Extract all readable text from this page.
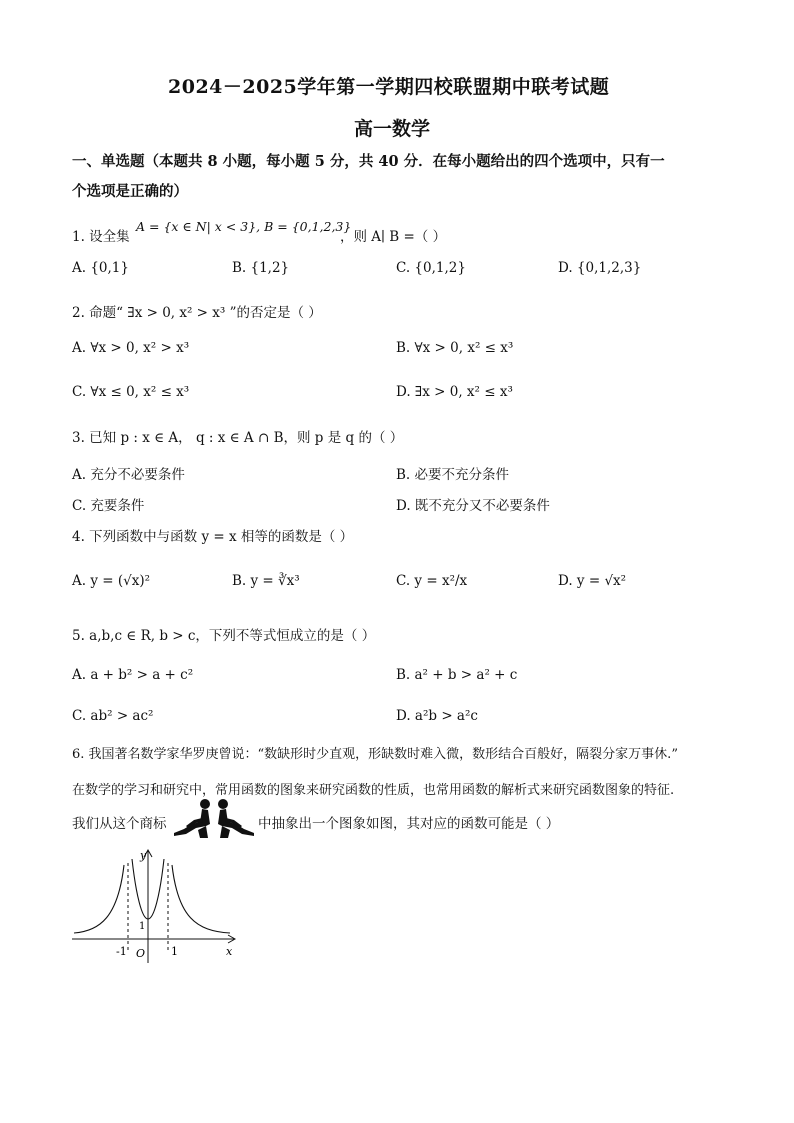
2024－2025学年第一学期四校联盟期中联考试题
高一数学
一、单选题（本题共 8 小题，每小题 5 分，共 40 分．在每小题给出的四个选项中，只有一
个选项是正确的）
1. 设全集
A = {x ∈ N| x < 3}, B = {0,1,2,3}
，则 A∣ B =（ ）
A. {0,1}	B. {1,2}	C. {0,1,2}	D. {0,1,2,3}
2. 命题“ ∃x > 0, x² > x³ ”的否定是（ ）
A. ∀x > 0, x² > x³	B. ∀x > 0, x² ≤ x³
C. ∀x ≤ 0, x² ≤ x³	D. ∃x > 0, x² ≤ x³
3. 已知 p : x ∈ A， q : x ∈ A ∩ B，则 p 是 q 的（ ）
A. 充分不必要条件	B. 必要不充分条件
C. 充要条件	D. 既不充分又不必要条件
4. 下列函数中与函数 y = x 相等的函数是（ ）
A. y = (√x)²	B. y = ∛x³	C. y = x²/x	D. y = √x²
5. a,b,c ∈ R, b > c，下列不等式恒成立的是（ ）
A. a + b² > a + c²	B. a² + b > a² + c
C. ab² > ac²	D. a²b > a²c
6. 我国著名数学家华罗庚曾说：“数缺形时少直观，形缺数时难入微，数形结合百般好，隔裂分家万事休.”
在数学的学习和研究中，常用函数的图象来研究函数的性质，也常用函数的解析式来研究函数图象的特征.
我们从这个商标	中抽象出一个图象如图，其对应的函数可能是（ ）
y
x
O
-1	1
1
